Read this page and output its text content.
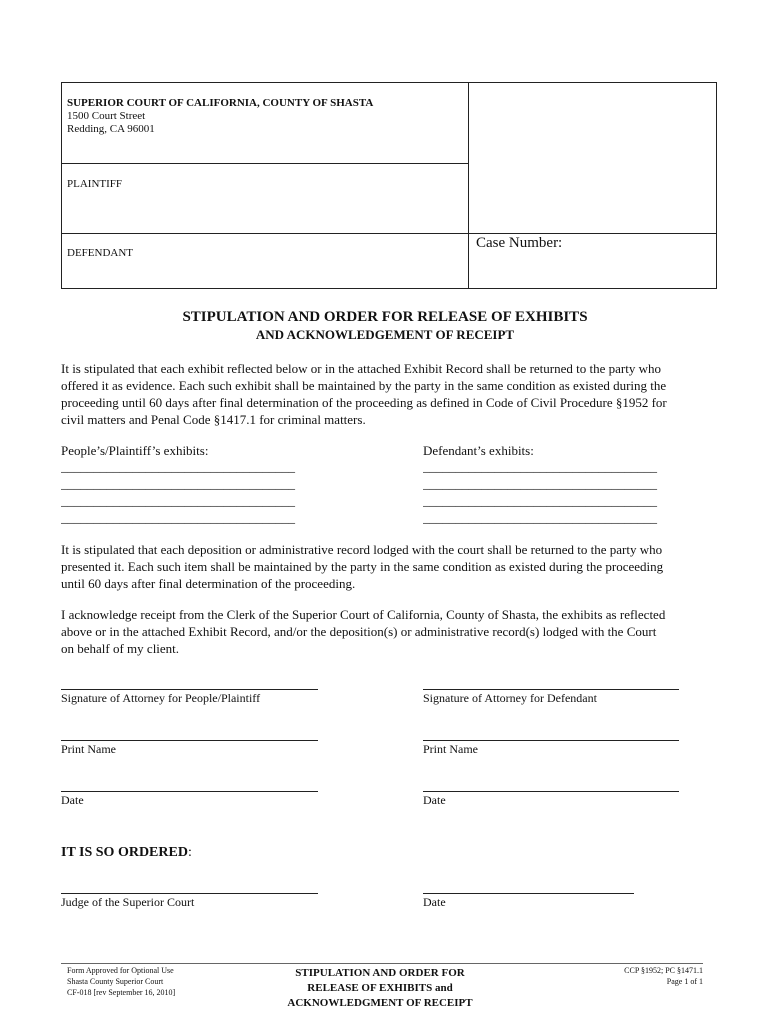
SUPERIOR COURT OF CALIFORNIA, COUNTY OF SHASTA
1500 Court Street
Redding, CA 96001
PLAINTIFF
DEFENDANT
Case Number:
STIPULATION AND ORDER FOR RELEASE OF EXHIBITS
AND ACKNOWLEDGEMENT OF RECEIPT
It is stipulated that each exhibit reflected below or in the attached Exhibit Record shall be returned to the party who
offered it as evidence. Each such exhibit shall be maintained by the party in the same condition as existed during the
proceeding until 60 days after final determination of the proceeding as defined in Code of Civil Procedure §1952 for
civil matters and Penal Code §1417.1 for criminal matters.
People’s/Plaintiff’s exhibits:	Defendant’s exhibits:
____________________________________
____________________________________
____________________________________
____________________________________
____________________________________
____________________________________
____________________________________
____________________________________
It is stipulated that each deposition or administrative record lodged with the court shall be returned to the party who
presented it. Each such item shall be maintained by the party in the same condition as existed during the proceeding
until 60 days after final determination of the proceeding.
I acknowledge receipt from the Clerk of the Superior Court of California, County of Shasta, the exhibits as reflected
above or in the attached Exhibit Record, and/or the deposition(s) or administrative record(s) lodged with the Court
on behalf of my client.
Signature of Attorney for People/Plaintiff	Signature of Attorney for Defendant
Print Name	Print Name
Date	Date
IT IS SO ORDERED:
Judge of the Superior Court	Date
Form Approved for Optional Use
Shasta County Superior Court
CF-018 [rev September 16, 2010]
STIPULATION AND ORDER FOR
RELEASE OF EXHIBITS and
ACKNOWLEDGMENT OF RECEIPT
CCP §1952; PC §1471.1
Page 1 of 1
